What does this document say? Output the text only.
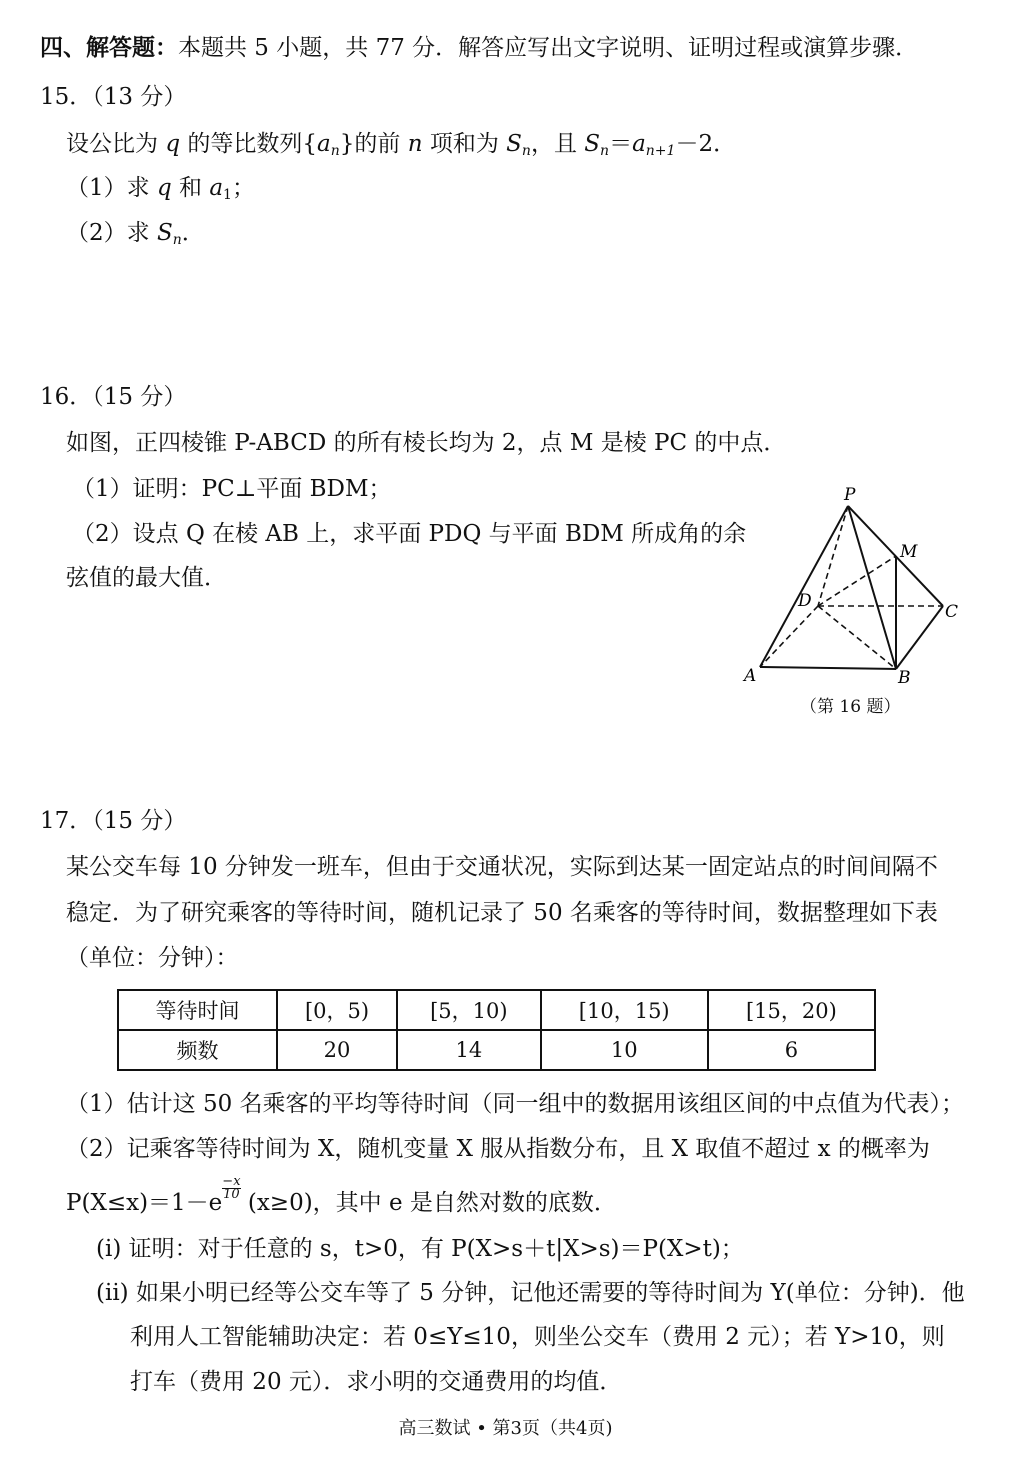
四、解答题：本题共 5 小题，共 77 分．解答应写出文字说明、证明过程或演算步骤．
15．（13 分）
设公比为 q 的等比数列$\{a_n\}$的前 n 项和为 $S_n$，且 $S_n=a_{n+1}-2$．
（1）求 q 和 $a_1$；
（2）求 $S_n$．
16．（15 分）
如图，正四棱锥 P-ABCD 的所有棱长均为 2，点 M 是棱 PC 的中点．
（1）证明：PC⊥平面 BDM；
（2）设点 Q 在棱 AB 上，求平面 PDQ 与平面 BDM 所成角的余
弦值的最大值．
P
M
D
C
A	B
（第 16 题）
17．（15 分）
某公交车每 10 分钟发一班车，但由于交通状况，实际到达某一固定站点的时间间隔不
稳定．为了研究乘客的等待时间，随机记录了 50 名乘客的等待时间，数据整理如下表
（单位：分钟）：
等待时间	[0，5)	[5，10)	[10，15)	[15，20)
频数	20	14	10	6
（1）估计这 50 名乘客的平均等待时间（同一组中的数据用该组区间的中点值为代表）；
（2）记乘客等待时间为 X，随机变量 X 服从指数分布，且 X 取值不超过 x 的概率为
P(X≤x)＝1－e−x
10 (x≥0)，其中 e 是自然对数的底数．
(ⅰ) 证明：对于任意的 s，t>0，有 P(X>s＋t|X>s)＝P(X>t)；
(ⅱ) 如果小明已经等公交车等了 5 分钟，记他还需要的等待时间为 Y(单位：分钟)．他
利用人工智能辅助决定：若 0≤Y≤10，则坐公交车（费用 2 元）；若 Y>10，则
打车（费用 20 元）．求小明的交通费用的均值．
高三数试 • 第3页（共4页)
